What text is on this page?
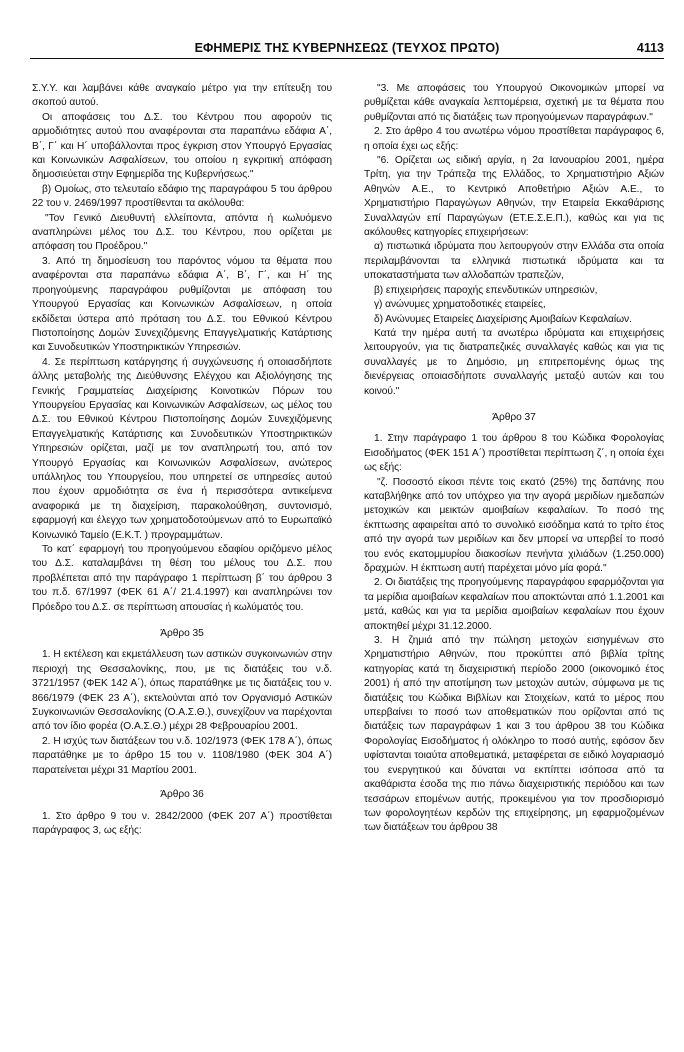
ΕΦΗΜΕΡΙΣ ΤΗΣ ΚΥΒΕΡΝΗΣΕΩΣ (ΤΕΥΧΟΣ ΠΡΩΤΟ)	4113

Σ.Υ.Υ. και λαμβάνει κάθε αναγκαίο μέτρο για την επίτευξη του σκοπού αυτού.

Οι αποφάσεις του Δ.Σ. του Κέντρου που αφορούν τις αρμοδιότητες αυτού που αναφέρονται στα παραπάνω εδάφια Α΄, Β΄, Γ΄ και Η΄ υποβάλλονται προς έγκριση στον Υπουργό Εργασίας και Κοινωνικών Ασφαλίσεων, του οποίου η εγκριτική απόφαση δημοσιεύεται στην Εφημερίδα της Κυβερνήσεως."

β) Ομοίως, στο τελευταίο εδάφιο της παραγράφου 5 του άρθρου 22 του ν. 2469/1997 προστίθενται τα ακόλουθα:

"Τον Γενικό Διευθυντή ελλείποντα, απόντα ή κωλυόμενο αναπληρώνει μέλος του Δ.Σ. του Κέντρου, που ορίζεται με απόφαση του Προέδρου."

3. Από τη δημοσίευση του παρόντος νόμου τα θέματα που αναφέρονται στα παραπάνω εδάφια Α΄, Β΄, Γ΄, και Η΄ της προηγούμενης παραγράφου ρυθμίζονται με απόφαση του Υπουργού Εργασίας και Κοινωνικών Ασφαλίσεων, η οποία εκδίδεται ύστερα από πρόταση του Δ.Σ. του Εθνικού Κέντρου Πιστοποίησης Δομών Συνεχιζόμενης Επαγγελματικής Κατάρτισης και Συνοδευτικών Υποστηρικτικών Υπηρεσιών.

4. Σε περίπτωση κατάργησης ή συγχώνευσης ή οποιασδήποτε άλλης μεταβολής της Διεύθυνσης Ελέγχου και Αξιολόγησης της Γενικής Γραμματείας Διαχείρισης Κοινοτικών Πόρων του Υπουργείου Εργασίας και Κοινωνικών Ασφαλίσεων, ως μέλος του Δ.Σ. του Εθνικού Κέντρου Πιστοποίησης Δομών Συνεχιζόμενης Επαγγελματικής Κατάρτισης και Συνοδευτικών Υποστηρικτικών Υπηρεσιών ορίζεται, μαζί με τον αναπληρωτή του, από τον Υπουργό Εργασίας και Κοινωνικών Ασφαλίσεων, ανώτερος υπάλληλος του Υπουργείου, που υπηρετεί σε υπηρεσίες αυτού που έχουν αρμοδιότητα σε ένα ή περισσότερα αντικείμενα αναφορικά με τη διαχείριση, παρακολούθηση, συντονισμό, εφαρμογή και έλεγχο των χρηματοδοτούμενων από το Ευρωπαϊκό Κοινωνικό Ταμείο (Ε.Κ.Τ. ) προγραμμάτων.

Το κατ΄ εφαρμογή του προηγούμενου εδαφίου οριζόμενο μέλος του Δ.Σ. καταλαμβάνει τη θέση του μέλους του Δ.Σ. που προβλέπεται από την παράγραφο 1 περίπτωση β΄ του άρθρου 3 του π.δ. 67/1997 (ΦΕΚ 61 Α΄/ 21.4.1997) και αναπληρώνει τον Πρόεδρο του Δ.Σ. σε περίπτωση απουσίας ή κωλύματός του.

Άρθρο 35

1. Η εκτέλεση και εκμετάλλευση των αστικών συγκοινωνιών στην περιοχή της Θεσσαλονίκης, που, με τις διατάξεις του ν.δ. 3721/1957 (ΦΕΚ 142 Α΄), όπως παρατάθηκε με τις διατάξεις του ν. 866/1979 (ΦΕΚ 23 Α΄), εκτελούνται από τον Οργανισμό Αστικών Συγκοινωνιών Θεσσαλονίκης (Ο.Α.Σ.Θ.), συνεχίζουν να παρέχονται από τον ίδιο φορέα (Ο.Α.Σ.Θ.) μέχρι 28 Φεβρουαρίου 2001.

2. Η ισχύς των διατάξεων του ν.δ. 102/1973 (ΦΕΚ 178 Α΄), όπως παρατάθηκε με το άρθρο 15 του ν. 1108/1980 (ΦΕΚ 304 Α΄) παρατείνεται μέχρι 31 Μαρτίου 2001.

Άρθρο 36

1. Στο άρθρο 9 του ν. 2842/2000 (ΦΕΚ 207 Α΄) προστίθεται παράγραφος 3, ως εξής:

"3. Με αποφάσεις του Υπουργού Οικονομικών μπορεί να ρυθμίζεται κάθε αναγκαία λεπτομέρεια, σχετική με τα θέματα που ρυθμίζονται από τις διατάξεις των προηγούμενων παραγράφων."

2. Στο άρθρο 4 του ανωτέρω νόμου προστίθεται παράγραφος 6, η οποία έχει ως εξής:

"6. Ορίζεται ως ειδική αργία, η 2α Ιανουαρίου 2001, ημέρα Τρίτη, για την Τράπεζα της Ελλάδος, το Χρηματιστήριο Αξιών Αθηνών Α.Ε., το Κεντρικό Αποθετήριο Αξιών Α.Ε., το Χρηματιστήριο Παραγώγων Αθηνών, την Εταιρεία Εκκαθάρισης Συναλλαγών επί Παραγώγων (ΕΤ.Ε.Σ.Ε.Π.), καθώς και για τις ακόλουθες κατηγορίες επιχειρήσεων:

α) πιστωτικά ιδρύματα που λειτουργούν στην Ελλάδα στα οποία περιλαμβάνονται τα ελληνικά πιστωτικά ιδρύματα και τα υποκαταστήματα των αλλοδαπών τραπεζών,

β) επιχειρήσεις παροχής επενδυτικών υπηρεσιών,

γ) ανώνυμες χρηματοδοτικές εταιρείες,

δ) Ανώνυμες Εταιρείες Διαχείρισης Αμοιβαίων Κεφαλαίων.

Κατά την ημέρα αυτή τα ανωτέρω ιδρύματα και επιχειρήσεις λειτουργούν, για τις διατραπεζικές συναλλαγές καθώς και για τις συναλλαγές με το Δημόσιο, μη επιτρεπομένης όμως της διενέργειας οποιασδήποτε συναλλαγής μεταξύ αυτών και του κοινού."

Άρθρο 37

1. Στην παράγραφο 1 του άρθρου 8 του Κώδικα Φορολογίας Εισοδήματος (ΦΕΚ 151 Α΄) προστίθεται περίπτωση ζ΄, η οποία έχει ως εξής:

"ζ. Ποσοστό είκοσι πέντε τοις εκατό (25%) της δαπάνης που καταβλήθηκε από τον υπόχρεο για την αγορά μεριδίων ημεδαπών μετοχικών και μεικτών αμοιβαίων κεφαλαίων. Το ποσό της έκπτωσης αφαιρείται από το συνολικό εισόδημα κατά το τρίτο έτος από την αγορά των μεριδίων και δεν μπορεί να υπερβεί το ποσό του ενός εκατομμυρίου διακοσίων πενήντα χιλιάδων (1.250.000) δραχμών. Η έκπτωση αυτή παρέχεται μόνο μία φορά."

2. Οι διατάξεις της προηγούμενης παραγράφου εφαρμόζονται για τα μερίδια αμοιβαίων κεφαλαίων που αποκτώνται από 1.1.2001 και μετά, καθώς και για τα μερίδια αμοιβαίων κεφαλαίων που έχουν αποκτηθεί μέχρι 31.12.2000.

3. Η ζημιά από την πώληση μετοχών εισηγμένων στο Χρηματιστήριο Αθηνών, που προκύπτει από βιβλία τρίτης κατηγορίας κατά τη διαχειριστική περίοδο 2000 (οικονομικό έτος 2001) ή από την αποτίμηση των μετοχών αυτών, σύμφωνα με τις διατάξεις του Κώδικα Βιβλίων και Στοιχείων, κατά το μέρος που υπερβαίνει το ποσό των αποθεματικών που ορίζονται από τις διατάξεις των παραγράφων 1 και 3 του άρθρου 38 του Κώδικα Φορολογίας Εισοδήματος ή ολόκληρο το ποσό αυτής, εφόσον δεν υφίστανται τοιαύτα αποθεματικά, μεταφέρεται σε ειδικό λογαριασμό του ενεργητικού και δύναται να εκπίπτει ισόποσα από τα ακαθάριστα έσοδα της πιο πάνω διαχειριστικής περιόδου και των τεσσάρων επομένων αυτής, προκειμένου για τον προσδιορισμό των φορολογητέων κερδών της επιχείρησης, μη εφαρμοζομένων των διατάξεων του άρθρου 38
